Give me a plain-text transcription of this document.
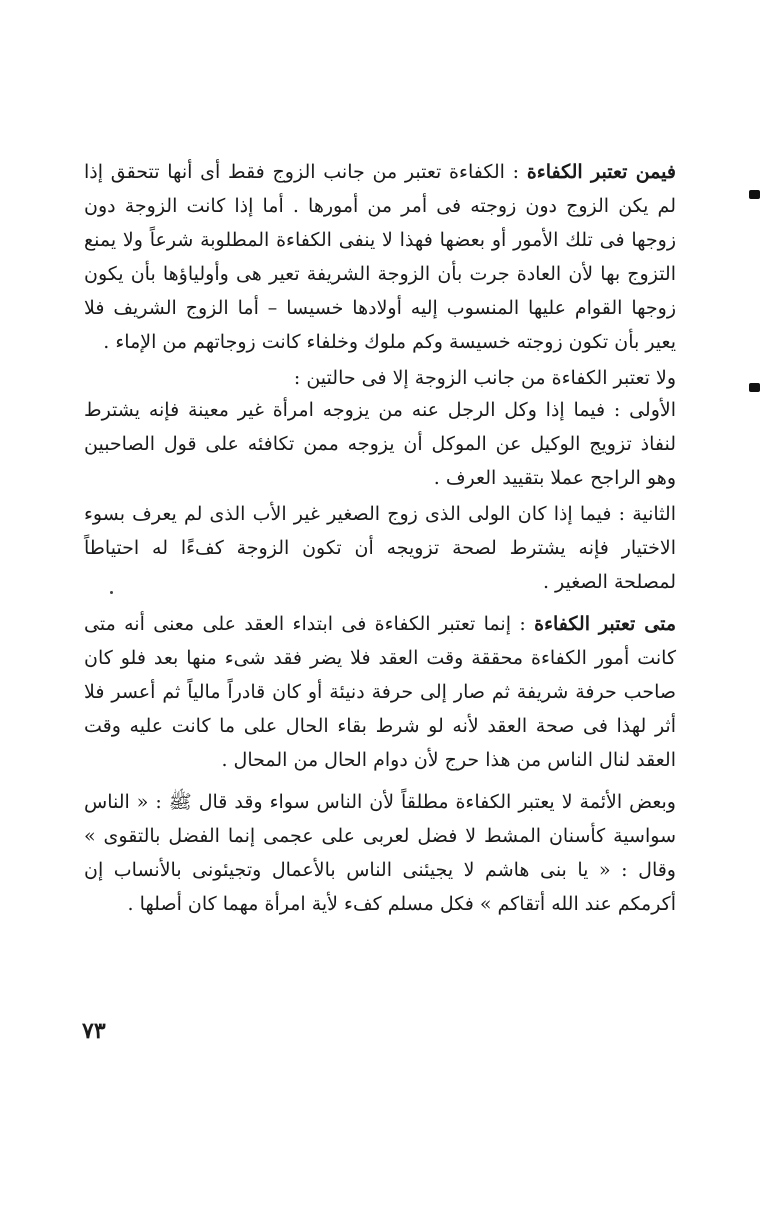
فيمن تعتبر الكفاءة : الكفاءة تعتبر من جانب الزوج فقط أى أنها تتحقق إذا لم يكن الزوج دون زوجته فى أمر من أمورها . أما إذا كانت الزوجة دون زوجها فى تلك الأمور أو بعضها فهذا لا ينفى الكفاءة المطلوبة شرعاً ولا يمنع التزوج بها لأن العادة جرت بأن الزوجة الشريفة تعير هى وأولياؤها بأن يكون زوجها القوام عليها المنسوب إليه أولادها خسيسا – أما الزوج الشريف فلا يعير بأن تكون زوجته خسيسة وكم ملوك وخلفاء كانت زوجاتهم من الإماء .

ولا تعتبر الكفاءة من جانب الزوجة إلا فى حالتين :

الأولى : فيما إذا وكل الرجل عنه من يزوجه امرأة غير معينة فإنه يشترط لنفاذ تزويج الوكيل عن الموكل أن يزوجه ممن تكافئه على قول الصاحبين وهو الراجح عملا بتقييد العرف .

الثانية : فيما إذا كان الولى الذى زوج الصغير غير الأب الذى لم يعرف بسوء الاختيار فإنه يشترط لصحة تزويجه أن تكون الزوجة كفءًا له احتياطاً لمصلحة الصغير .

متى تعتبر الكفاءة : إنما تعتبر الكفاءة فى ابتداء العقد على معنى أنه متى كانت أمور الكفاءة محققة وقت العقد فلا يضر فقد شىء منها بعد فلو كان صاحب حرفة شريفة ثم صار إلى حرفة دنيئة أو كان قادراً مالياً ثم أعسر فلا أثر لهذا فى صحة العقد لأنه لو شرط بقاء الحال على ما كانت عليه وقت العقد لنال الناس من هذا حرج لأن دوام الحال من المحال .

وبعض الأئمة لا يعتبر الكفاءة مطلقاً لأن الناس سواء وقد قال ﷺ : « الناس سواسية كأسنان المشط لا فضل لعربى على عجمى إنما الفضل بالتقوى » وقال : « يا بنى هاشم لا يجيئنى الناس بالأعمال وتجيئونى بالأنساب إن أكرمكم عند الله أتقاكم » فكل مسلم كفء لأية امرأة مهما كان أصلها .

٧٣
